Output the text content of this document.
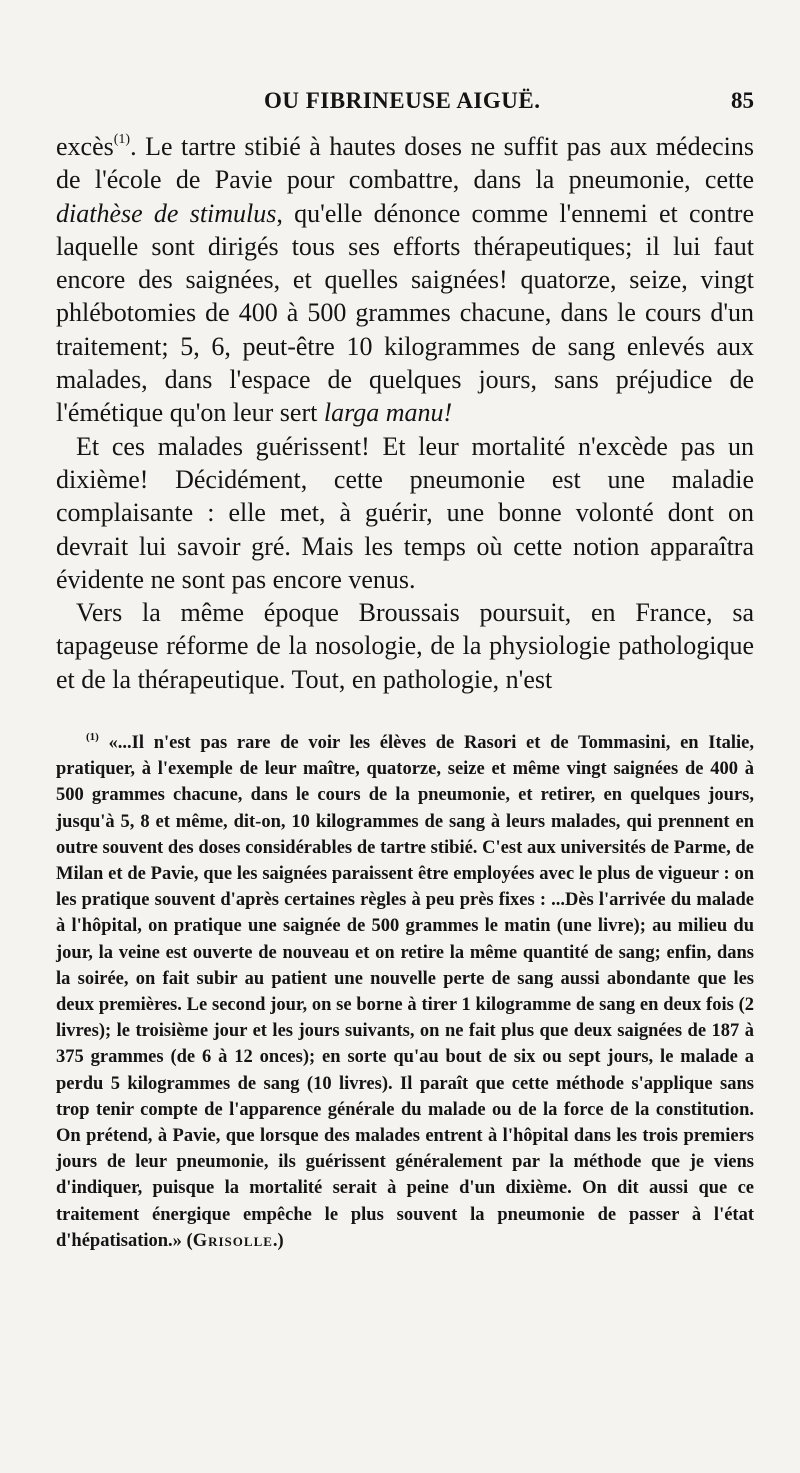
OU FIBRINEUSE AIGUË.	85

excès$^{(1)}$. Le tartre stibié à hautes doses ne suffit pas aux médecins de l'école de Pavie pour combattre, dans la pneumonie, cette diathèse de stimulus, qu'elle dénonce comme l'ennemi et contre laquelle sont dirigés tous ses efforts thérapeutiques; il lui faut encore des saignées, et quelles saignées! quatorze, seize, vingt phlébotomies de 400 à 500 grammes chacune, dans le cours d'un traitement; 5, 6, peut-être 10 kilogrammes de sang enlevés aux malades, dans l'espace de quelques jours, sans préjudice de l'émétique qu'on leur sert larga manu!

Et ces malades guérissent! Et leur mortalité n'excède pas un dixième! Décidément, cette pneumonie est une maladie complaisante : elle met, à guérir, une bonne volonté dont on devrait lui savoir gré. Mais les temps où cette notion apparaîtra évidente ne sont pas encore venus.

Vers la même époque Broussais poursuit, en France, sa tapageuse réforme de la nosologie, de la physiologie pathologique et de la thérapeutique. Tout, en pathologie, n'est

$^{(1)}$ «...Il n'est pas rare de voir les élèves de Rasori et de Tommasini, en Italie, pratiquer, à l'exemple de leur maître, quatorze, seize et même vingt saignées de 400 à 500 grammes chacune, dans le cours de la pneumonie, et retirer, en quelques jours, jusqu'à 5, 8 et même, dit-on, 10 kilogrammes de sang à leurs malades, qui prennent en outre souvent des doses considérables de tartre stibié. C'est aux universités de Parme, de Milan et de Pavie, que les saignées paraissent être employées avec le plus de vigueur : on les pratique souvent d'après certaines règles à peu près fixes : ...Dès l'arrivée du malade à l'hôpital, on pratique une saignée de 500 grammes le matin (une livre); au milieu du jour, la veine est ouverte de nouveau et on retire la même quantité de sang; enfin, dans la soirée, on fait subir au patient une nouvelle perte de sang aussi abondante que les deux premières. Le second jour, on se borne à tirer 1 kilogramme de sang en deux fois (2 livres); le troisième jour et les jours suivants, on ne fait plus que deux saignées de 187 à 375 grammes (de 6 à 12 onces); en sorte qu'au bout de six ou sept jours, le malade a perdu 5 kilogrammes de sang (10 livres). Il paraît que cette méthode s'applique sans trop tenir compte de l'apparence générale du malade ou de la force de la constitution. On prétend, à Pavie, que lorsque des malades entrent à l'hôpital dans les trois premiers jours de leur pneumonie, ils guérissent généralement par la méthode que je viens d'indiquer, puisque la mortalité serait à peine d'un dixième. On dit aussi que ce traitement énergique empêche le plus souvent la pneumonie de passer à l'état d'hépatisation.» (Grisolle.)
